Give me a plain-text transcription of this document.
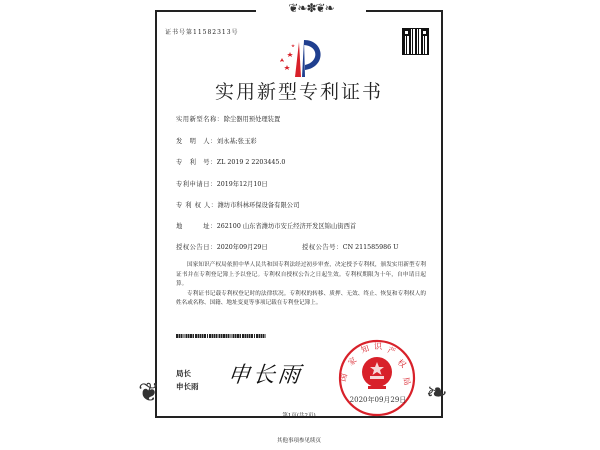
❦❧✽❦❧
❦	❧
证书号第11582313号
实用新型专利证书
实用新型名称：除尘器用预处理装置
发　明　人：刘永基;张玉彩
专　利　号：ZL 2019 2 2203445.0
专利申请日：2019年12月10日
专 利 权 人：潍坊市科林环保设备有限公司
地　　　址：262100 山东省潍坊市安丘经济开发区锦山街西首
授权公告日：2020年09月29日	授权公告号：CN 211585986 U

国家知识产权局依照中华人民共和国专利法经过初步审查，决定授予专利权，颁发实用新型专利证书并在专利登记簿上予以登记。专利权自授权公告之日起生效。专利权期限为十年，自申请日起算。

专利证书记载专利权登记时的法律状况。专利权的转移、质押、无效、终止、恢复和专利权人的姓名或名称、国籍、地址变更等事项记载在专利登记簿上。

局长
申长雨 申长雨
家
知 识 产
权
国	局
2020年09月29日
第1页(共2页)
其他事项参见续页
